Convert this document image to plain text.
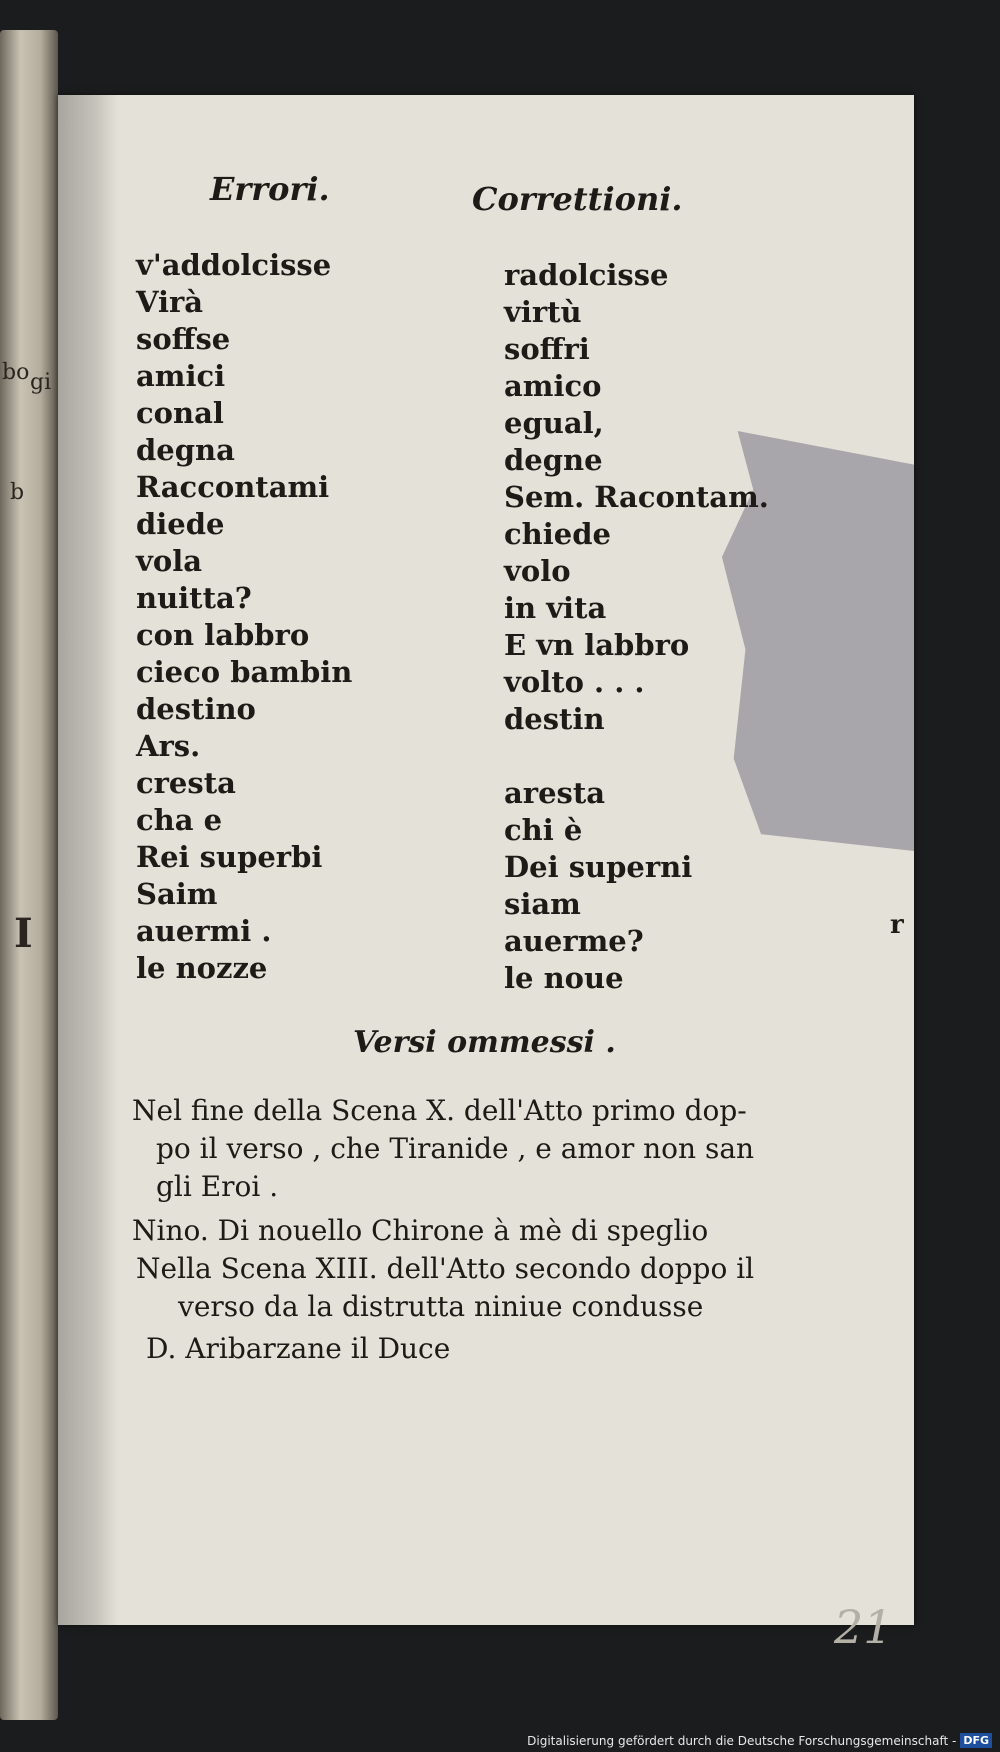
bo gi
b
I
Errori.	Correttioni.
v'addolcisse
Virà
soffse
amici
conal
degna
Raccontami
diede
vola
nuitta?
con labbro
cieco bambin
destino
Ars.
cresta
cha e
Rei superbi
Saim
auermi .
le nozze
radolcisse
virtù
soffri
amico
egual,
degne
Sem. Racontam.
chiede
volo
in vita
E vn labbro
volto . . .
destin
aresta
chi è
Dei superni
siam
auerme?
le noue
r
Versi ommessi .
Nel fine della Scena X. dell'Atto primo dop-
po il verso , che Tiranide , e amor non san
gli Eroi .
Nino. Di nouello Chirone à mè di speglio
Nella Scena XIII. dell'Atto secondo doppo il
verso da la distrutta niniue condusse
D. Aribarzane il Duce
21
Digitalisierung gefördert durch die Deutsche Forschungsgemeinschaft - DFG
